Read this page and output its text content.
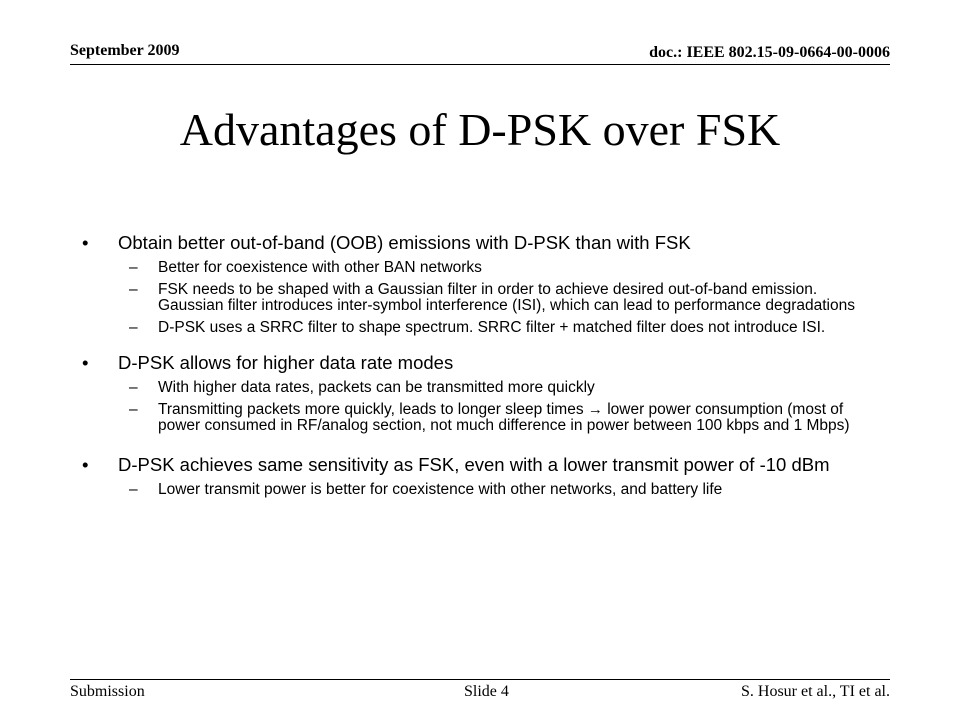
September 2009	doc.: IEEE 802.15-09-0664-00-0006
Advantages of D-PSK over FSK
• Obtain better out-of-band (OOB) emissions with D-PSK than with FSK
– Better for coexistence with other BAN networks
– FSK needs to be shaped with a Gaussian filter in order to achieve desired out-of-band emission. Gaussian filter introduces inter-symbol interference (ISI), which can lead to performance degradations
– D-PSK uses a SRRC filter to shape spectrum. SRRC filter + matched filter does not introduce ISI.
• D-PSK allows for higher data rate modes
– With higher data rates, packets can be transmitted more quickly
– Transmitting packets more quickly, leads to longer sleep times → lower power consumption (most of power consumed in RF/analog section, not much difference in power between 100 kbps and 1 Mbps)
• D-PSK achieves same sensitivity as FSK, even with a lower transmit power of -10 dBm
– Lower transmit power is better for coexistence with other networks, and battery life
Submission	Slide 4	S. Hosur et al., TI et al.
